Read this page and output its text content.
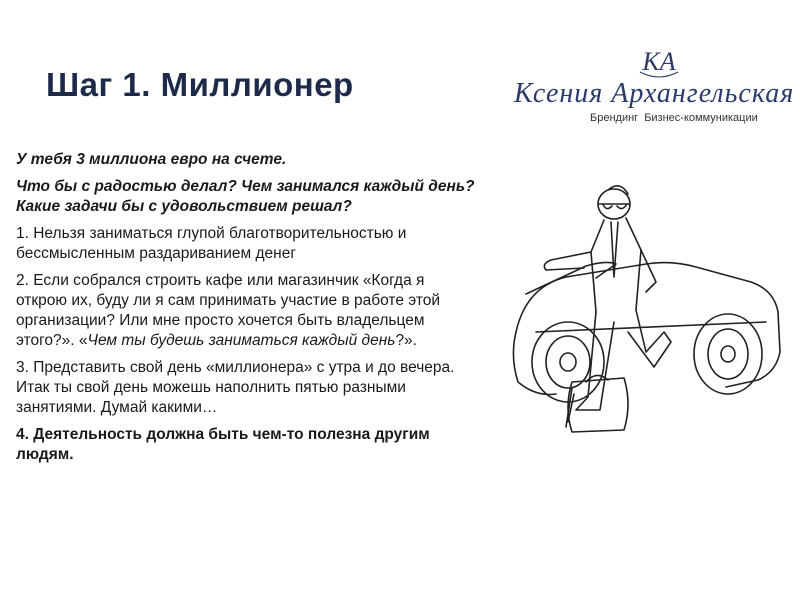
Шаг 1. Миллионер
KA
Ксения Архангельская
Брендинг Бизнес-коммуникации

У тебя 3 миллиона евро на счете.

Что бы с радостью делал? Чем занимался каждый день? Какие задачи бы с удовольствием решал?

1. Нельзя заниматься глупой благотворительностью и бессмысленным раздариванием денег

2. Если собрался строить кафе или магазинчик «Когда я открою их, буду ли я сам принимать участие в работе этой организации? Или мне просто хочется быть владельцем этого?». «Чем ты будешь заниматься каждый день?».

3. Представить свой день «миллионера» с утра и до вечера. Итак ты свой день можешь наполнить пятью разными занятиями. Думай какими…

4. Деятельность должна быть чем-то полезна другим людям.
